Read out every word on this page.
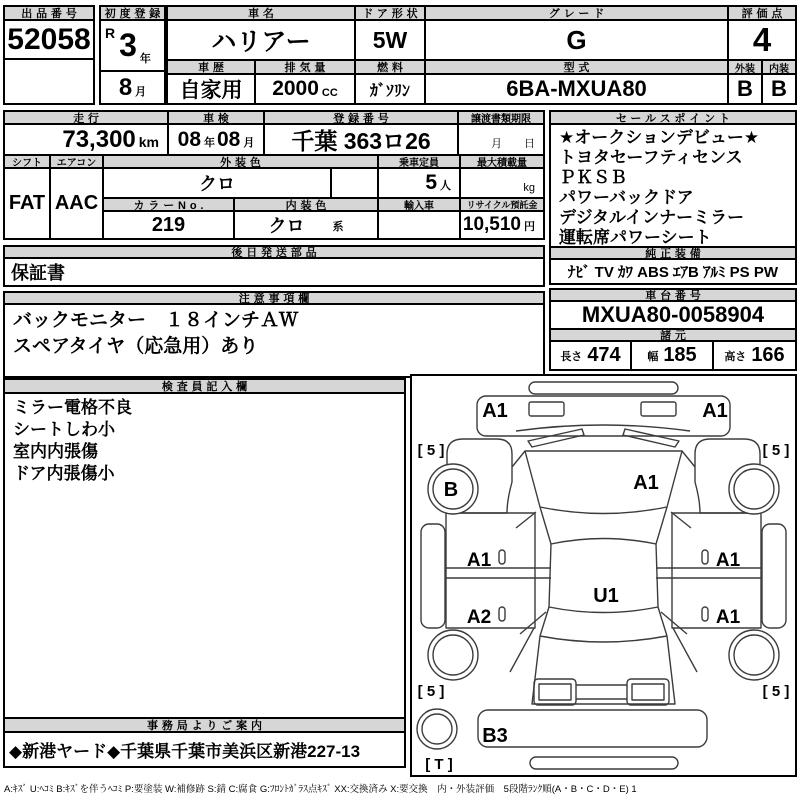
出品番号
52058
初度登録
R 3 年
8 月
車名
ハリアー
車歴
自家用
排気量
2000 CC
ドア形状
5W
燃料
ｶﾞｿﾘﾝ
グレード
G
型式
6BA-MXUA80
評価点
4
外装	内装
B B
走行
73,300 km
車検
08 年 08 月
登録番号
千葉 363ロ26
譲渡書類期限
月　　日
シフト	エアコン
FAT AAC
外装色
クロ
乗車定員
5 人
最大積載量
kg
カラーNo.
219
内装色
クロ	系
輸入車	リサイクル預託金
10,510 円
セールスポイント
★オークションデビュー★
トヨタセーフティセンス
ＰＫＳＢ
パワーバックドア
デジタルインナーミラー
運転席パワーシート
純正装備
ﾅﾋﾞ TV ｶﾜ ABS ｴｱB ｱﾙﾐ PS PW
後日発送部品
保証書
注意事項欄
バックモニター　１８インチＡＷ
スペアタイヤ（応急用）あり
車台番号
MXUA80-0058904
諸元
長さ 474 幅 185	高さ 166
検査員記入欄
ミラー電格不良
シートしわ小
室内内張傷
ドア内張傷小
事務局よりご案内
◆新港ヤード◆千葉県千葉市美浜区新港227-13
A1	A1
[ 5 ]	[ 5 ]
B	A1
A1
A2
A1
A1
U1
[ 5 ]	[ 5 ]
B3
[ T ]
A:ｷｽﾞ U:ﾍｺﾐ B:ｷｽﾞを伴うﾍｺﾐ P:要塗装 W:補修跡 S:錆 C:腐食 G:ﾌﾛﾝﾄｶﾞﾗｽ点ｷｽﾞ XX:交換済み X:要交換　内・外装評価　5段階ﾗﾝｸ順(A・B・C・D・E) 1
